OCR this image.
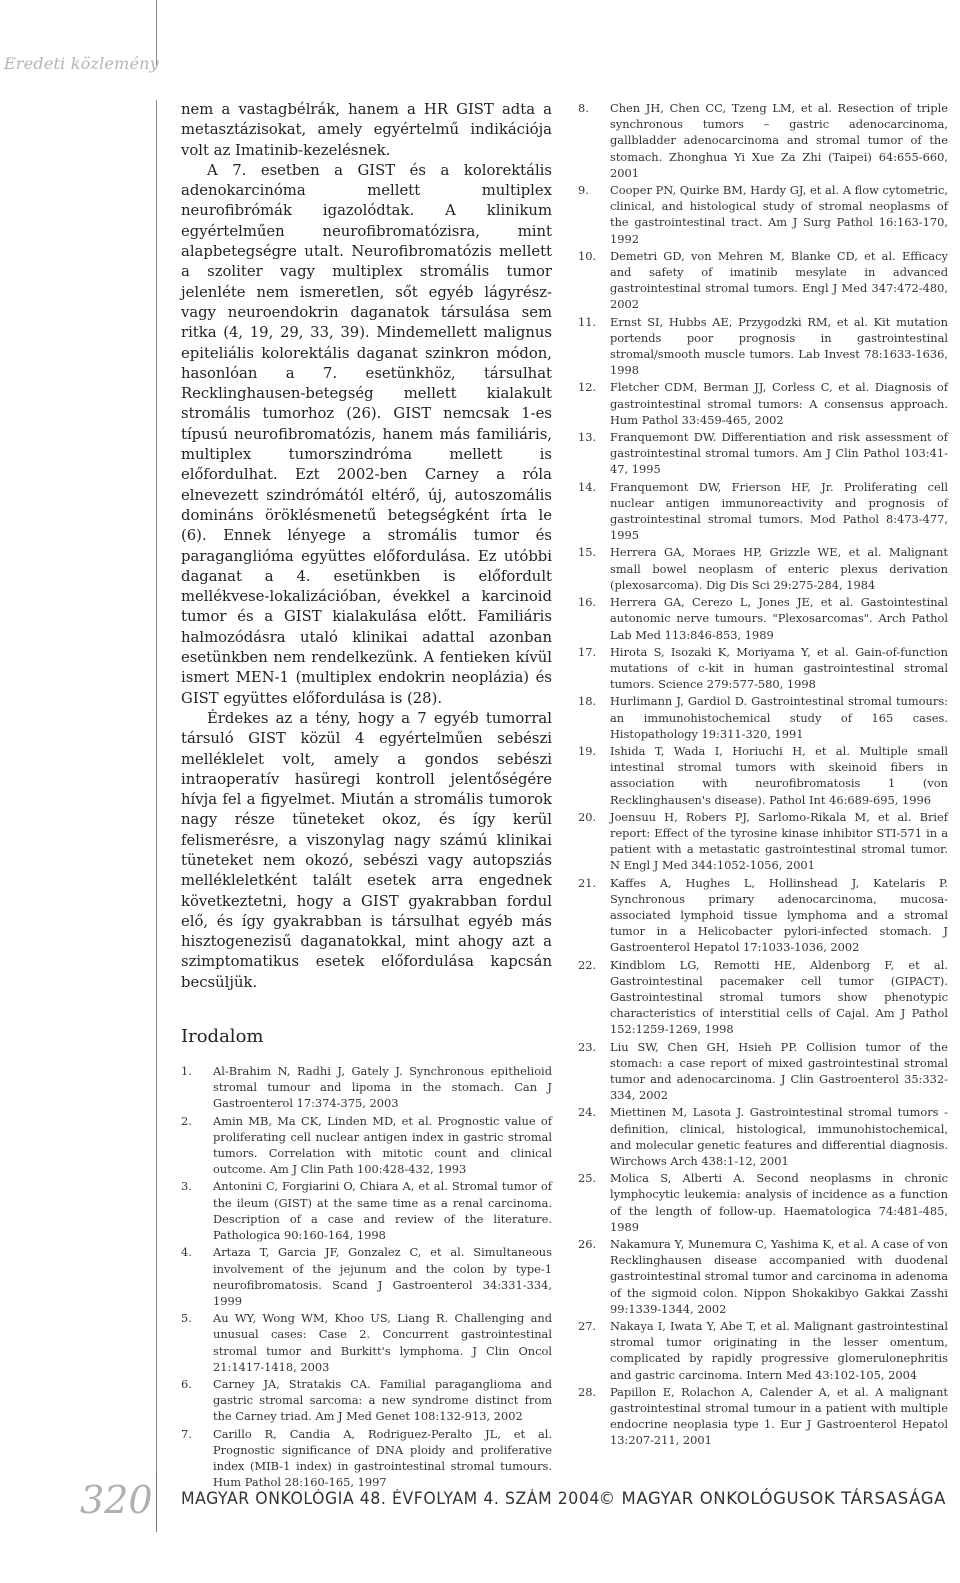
Eredeti közlemény

nem a vastagbélrák, hanem a HR GIST adta a metasztázisokat, amely egyértelmű indikációja volt az Imatinib-kezelésnek.

A 7. esetben a GIST és a kolorektális adenokarcinóma mellett multiplex neurofibrómák igazolódtak. A klinikum egyértelműen neurofibromatózisra, mint alapbetegségre utalt. Neurofibromatózis mellett a szoliter vagy multiplex stromális tumor jelenléte nem ismeretlen, sőt egyéb lágyrész- vagy neuroendokrin daganatok társulása sem ritka (4, 19, 29, 33, 39). Mindemellett malignus epiteliális kolorektális daganat szinkron módon, hasonlóan a 7. esetünkhöz, társulhat Recklinghausen-betegség mellett kialakult stromális tumorhoz (26). GIST nemcsak 1-es típusú neurofibromatózis, hanem más familiáris, multiplex tumorszindróma mellett is előfordulhat. Ezt 2002-ben Carney a róla elnevezett szindrómától eltérő, új, autoszomális domináns öröklésmenetű betegségként írta le (6). Ennek lényege a stromális tumor és paraganglióma együttes előfordulása. Ez utóbbi daganat a 4. esetünkben is előfordult mellékvese-lokalizációban, évekkel a karcinoid tumor és a GIST kialakulása előtt. Familiáris halmozódásra utaló klinikai adattal azonban esetünkben nem rendelkezünk. A fentieken kívül ismert MEN-1 (multiplex endokrin neoplázia) és GIST együttes előfordulása is (28).

Érdekes az a tény, hogy a 7 egyéb tumorral társuló GIST közül 4 egyértelműen sebészi melléklelet volt, amely a gondos sebészi intraoperatív hasüregi kontroll jelentőségére hívja fel a figyelmet. Miután a stromális tumorok nagy része tüneteket okoz, és így kerül felismerésre, a viszonylag nagy számú klinikai tüneteket nem okozó, sebészi vagy autopsziás mellékleletként talált esetek arra engednek következtetni, hogy a GIST gyakrabban fordul elő, és így gyakrabban is társulhat egyéb más hisztogenezisű daganatokkal, mint ahogy azt a szimptomatikus esetek előfordulása kapcsán becsüljük.

Irodalom
1.	Al-Brahim N, Radhi J, Gately J. Synchronous epithelioid stromal tumour and lipoma in the stomach. Can J Gastroenterol 17:374-375, 2003
2.	Amin MB, Ma CK, Linden MD, et al. Prognostic value of proliferating cell nuclear antigen index in gastric stromal tumors. Correlation with mitotic count and clinical outcome. Am J Clin Path 100:428-432, 1993
3.	Antonini C, Forgiarini O, Chiara A, et al. Stromal tumor of the ileum (GIST) at the same time as a renal carcinoma. Description of a case and review of the literature. Pathologica 90:160-164, 1998
4.	Artaza T, Garcia JF, Gonzalez C, et al. Simultaneous involvement of the jejunum and the colon by type-1 neurofibromatosis. Scand J Gastroenterol 34:331-334, 1999
5.	Au WY, Wong WM, Khoo US, Liang R. Challenging and unusual cases: Case 2. Concurrent gastrointestinal stromal tumor and Burkitt's lymphoma. J Clin Oncol 21:1417-1418, 2003
6.	Carney JA, Stratakis CA. Familial paraganglioma and gastric stromal sarcoma: a new syndrome distinct from the Carney triad. Am J Med Genet 108:132-913, 2002
7.	Carillo R, Candia A, Rodriguez-Peralto JL, et al. Prognostic significance of DNA ploidy and proliferative index (MIB-1 index) in gastrointestinal stromal tumours. Hum Pathol 28:160-165, 1997
8.	Chen JH, Chen CC, Tzeng LM, et al. Resection of triple synchronous tumors – gastric adenocarcinoma, gallbladder adenocarcinoma and stromal tumor of the stomach. Zhonghua Yi Xue Za Zhi (Taipei) 64:655-660, 2001
9.	Cooper PN, Quirke BM, Hardy GJ, et al. A flow cytometric, clinical, and histological study of stromal neoplasms of the gastrointestinal tract. Am J Surg Pathol 16:163-170, 1992
10.	Demetri GD, von Mehren M, Blanke CD, et al. Efficacy and safety of imatinib mesylate in advanced gastrointestinal stromal tumors. Engl J Med 347:472-480, 2002
11.	Ernst SI, Hubbs AE, Przygodzki RM, et al. Kit mutation portends poor prognosis in gastrointestinal stromal/smooth muscle tumors. Lab Invest 78:1633-1636, 1998
12.	Fletcher CDM, Berman JJ, Corless C, et al. Diagnosis of gastrointestinal stromal tumors: A consensus approach. Hum Pathol 33:459-465, 2002
13.	Franquemont DW. Differentiation and risk assessment of gastrointestinal stromal tumors. Am J Clin Pathol 103:41-47, 1995
14.	Franquemont DW, Frierson HF, Jr. Proliferating cell nuclear antigen immunoreactivity and prognosis of gastrointestinal stromal tumors. Mod Pathol 8:473-477, 1995
15.	Herrera GA, Moraes HP, Grizzle WE, et al. Malignant small bowel neoplasm of enteric plexus derivation (plexosarcoma). Dig Dis Sci 29:275-284, 1984
16.	Herrera GA, Cerezo L, Jones JE, et al. Gastointestinal autonomic nerve tumours. "Plexosarcomas". Arch Pathol Lab Med 113:846-853, 1989
17.	Hirota S, Isozaki K, Moriyama Y, et al. Gain-of-function mutations of c-kit in human gastrointestinal stromal tumors. Science 279:577-580, 1998
18.	Hurlimann J, Gardiol D. Gastrointestinal stromal tumours: an immunohistochemical study of 165 cases. Histopathology 19:311-320, 1991
19.	Ishida T, Wada I, Horiuchi H, et al. Multiple small intestinal stromal tumors with skeinoid fibers in association with neurofibromatosis 1 (von Recklinghausen's disease). Pathol Int 46:689-695, 1996
20.	Joensuu H, Robers PJ, Sarlomo-Rikala M, et al. Brief report: Effect of the tyrosine kinase inhibitor STI-571 in a patient with a metastatic gastrointestinal stromal tumor. N Engl J Med 344:1052-1056, 2001
21.	Kaffes A, Hughes L, Hollinshead J, Katelaris P. Synchronous primary adenocarcinoma, mucosa-associated lymphoid tissue lymphoma and a stromal tumor in a Helicobacter pylori-infected stomach. J Gastroenterol Hepatol 17:1033-1036, 2002
22.	Kindblom LG, Remotti HE, Aldenborg F, et al. Gastrointestinal pacemaker cell tumor (GIPACT). Gastrointestinal stromal tumors show phenotypic characteristics of interstitial cells of Cajal. Am J Pathol 152:1259-1269, 1998
23.	Liu SW, Chen GH, Hsieh PP. Collision tumor of the stomach: a case report of mixed gastrointestinal stromal tumor and adenocarcinoma. J Clin Gastroenterol 35:332-334, 2002
24.	Miettinen M, Lasota J. Gastrointestinal stromal tumors - definition, clinical, histological, immunohistochemical, and molecular genetic features and differential diagnosis. Wirchows Arch 438:1-12, 2001
25.	Molica S, Alberti A. Second neoplasms in chronic lymphocytic leukemia: analysis of incidence as a function of the length of follow-up. Haematologica 74:481-485, 1989
26.	Nakamura Y, Munemura C, Yashima K, et al. A case of von Recklinghausen disease accompanied with duodenal gastrointestinal stromal tumor and carcinoma in adenoma of the sigmoid colon. Nippon Shokakibyo Gakkai Zasshi 99:1339-1344, 2002
27.	Nakaya I, Iwata Y, Abe T, et al. Malignant gastrointestinal stromal tumor originating in the lesser omentum, complicated by rapidly progressive glomerulonephritis and gastric carcinoma. Intern Med 43:102-105, 2004
28.	Papillon E, Rolachon A, Calender A, et al. A malignant gastrointestinal stromal tumour in a patient with multiple endocrine neoplasia type 1. Eur J Gastroenterol Hepatol 13:207-211, 2001
320 MAGYAR ONKOLÓGIA 48. ÉVFOLYAM 4. SZÁM 2004
© MAGYAR ONKOLÓGUSOK TÁRSASÁGA
